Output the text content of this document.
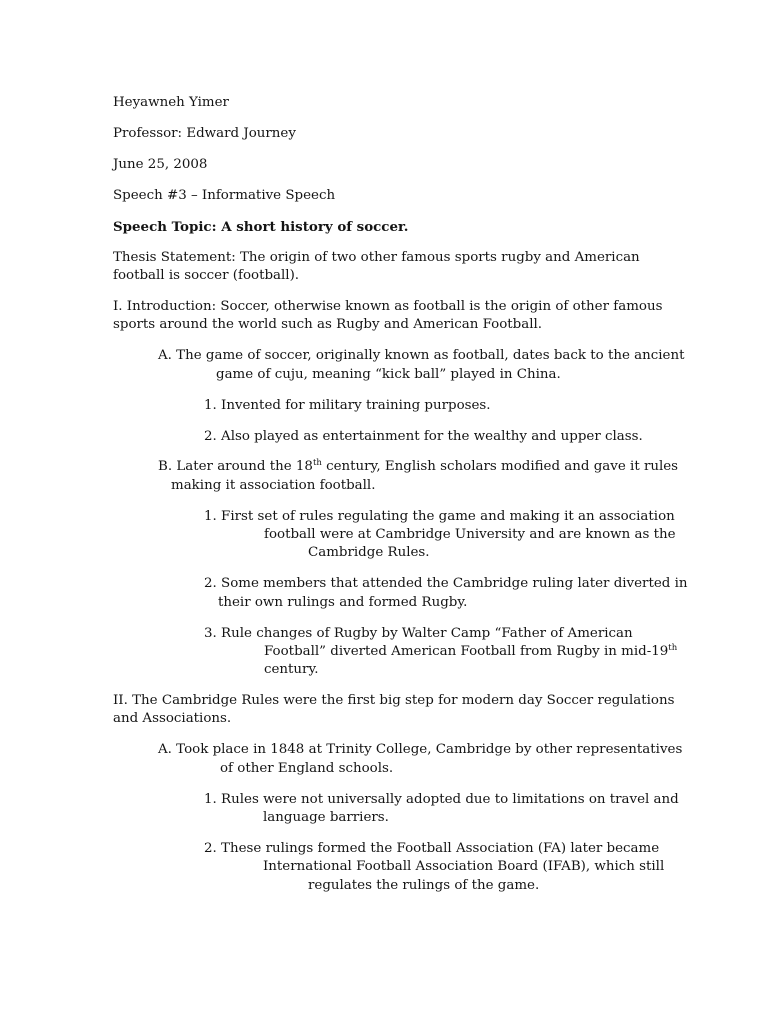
Heyawneh Yimer
Professor: Edward Journey
June 25, 2008
Speech #3 – Informative Speech
Speech Topic: A short history of soccer.
Thesis Statement: The origin of two other famous sports rugby and American
football is soccer (football).
I. Introduction: Soccer, otherwise known as football is the origin of other famous
sports around the world such as Rugby and American Football.
A. The game of soccer, originally known as football, dates back to the ancient
game of cuju, meaning “kick ball” played in China.
1. Invented for military training purposes.
2. Also played as entertainment for the wealthy and upper class.
B. Later around the 18th century, English scholars modified and gave it rules
making it association football.
1. First set of rules regulating the game and making it an association
football were at Cambridge University and are known as the
Cambridge Rules.
2. Some members that attended the Cambridge ruling later diverted in
their own rulings and formed Rugby.
3. Rule changes of Rugby by Walter Camp “Father of American
Football” diverted American Football from Rugby in mid-19th
century.
II. The Cambridge Rules were the first big step for modern day Soccer regulations
and Associations.
A. Took place in 1848 at Trinity College, Cambridge by other representatives
of other England schools.
1. Rules were not universally adopted due to limitations on travel and
language barriers.
2. These rulings formed the Football Association (FA) later became
International Football Association Board (IFAB), which still
regulates the rulings of the game.
